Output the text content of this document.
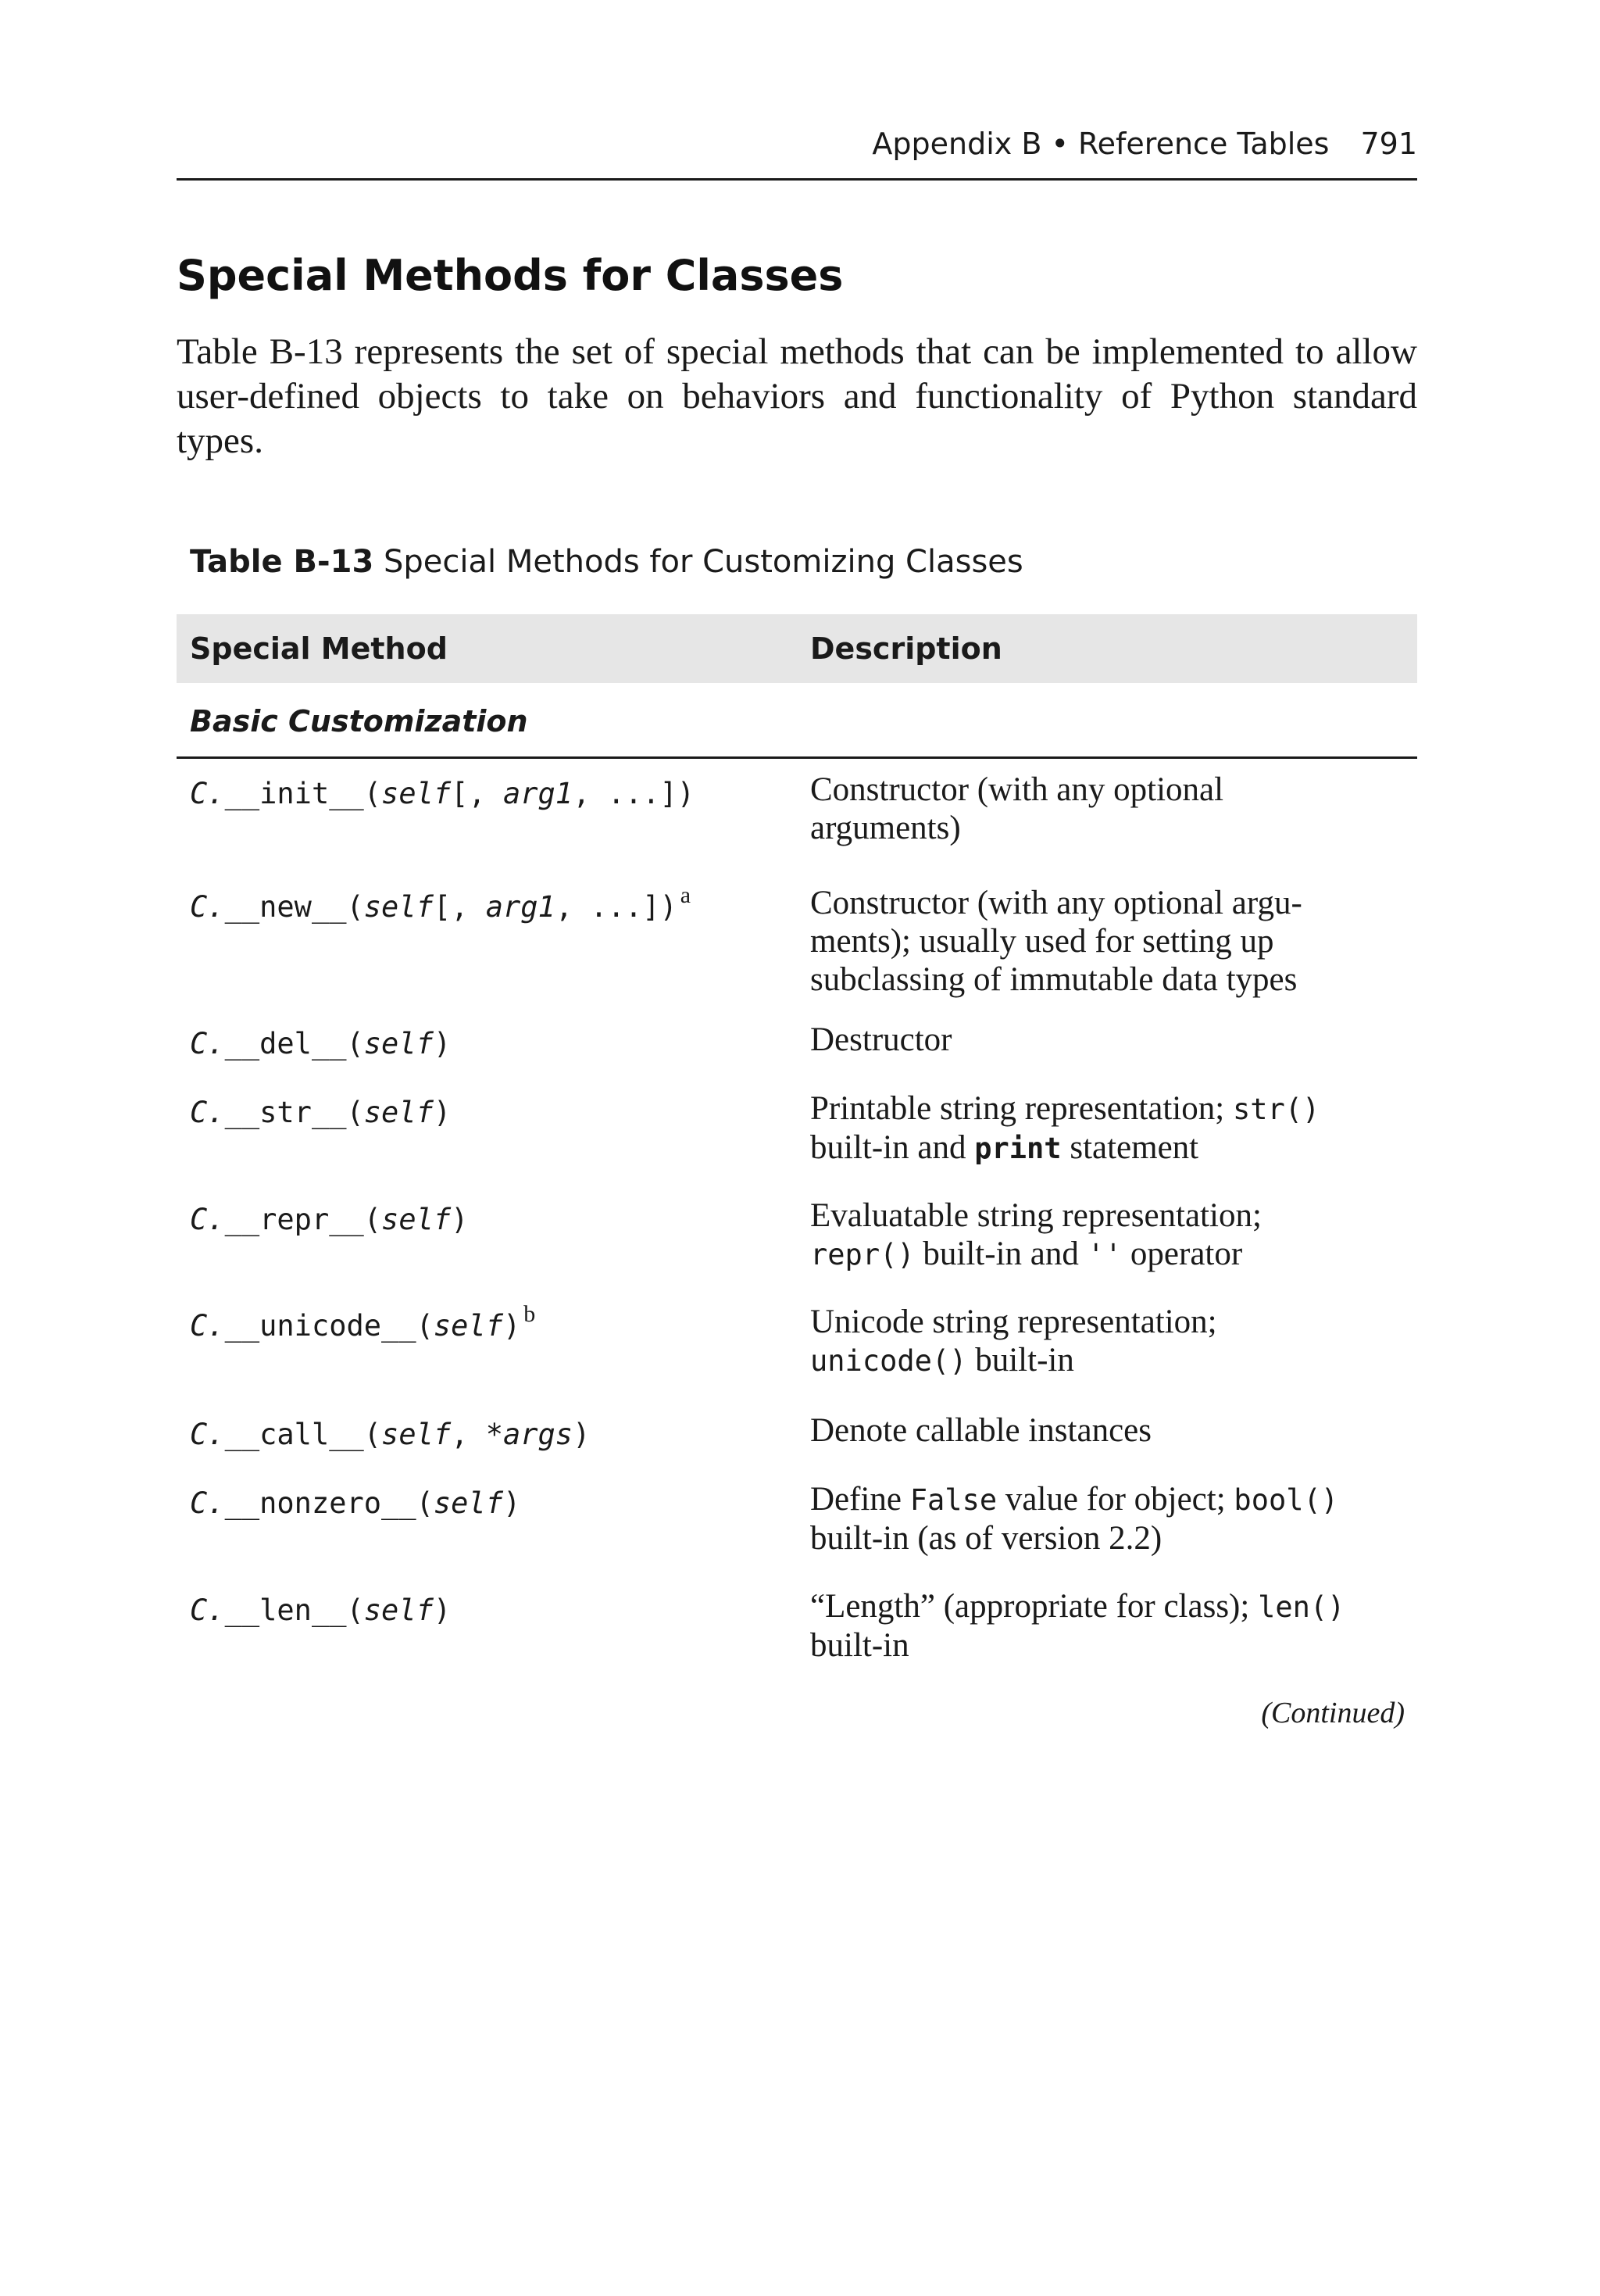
Appendix B • Reference Tables 791
Special Methods for Classes

Table B-13 represents the set of special methods that can be implemented to allow user-defined objects to take on behaviors and functionality of Python standard types.

Table B-13 Special Methods for Customizing Classes

Special Method	Description

Basic Customization

C.__init__(self[, arg1, ...])	Constructor (with any optional
arguments)
C.__new__(self[, arg1, ...]) $^a$	Constructor (with any optional argu-
ments); usually used for setting up
subclassing of immutable data types
C.__del__(self)	Destructor
C.__str__(self)	Printable string representation; str()
built-in and print statement
C.__repr__(self)	Evaluatable string representation;
repr() built-in and '' operator
C.__unicode__(self) $^b$	Unicode string representation;
unicode() built-in
C.__call__(self, *args)	Denote callable instances
C.__nonzero__(self)	Define False value for object; bool()
built-in (as of version 2.2)
C.__len__(self)	“Length” (appropriate for class); len()
built-in
(Continued)
